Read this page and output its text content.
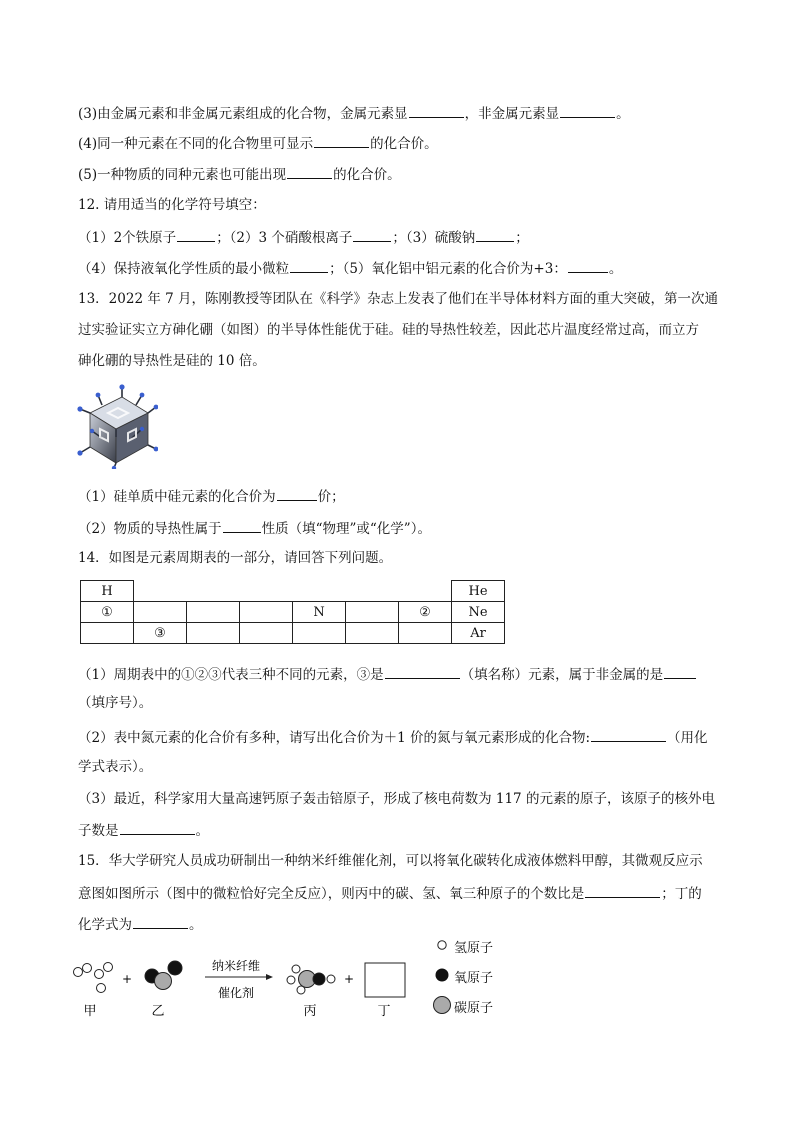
(3)由金属元素和非金属元素组成的化合物，金属元素显	，非金属元素显	。
(4)同一种元素在不同的化合物里可显示	的化合价。
(5)一种物质的同种元素也可能出现	的化合价。
12. 请用适当的化学符号填空：
（1）2个铁原子	；（2）3 个硝酸根离子	；（3）硫酸钠	；
（4）保持液氧化学性质的最小微粒	；（5）氧化铝中铝元素的化合价为+3：	。
13．2022 年 7 月，陈刚教授等团队在《科学》杂志上发表了他们在半导体材料方面的重大突破，第一次通
过实验证实立方砷化硼（如图）的半导体性能优于硅。硅的导热性较差，因此芯片温度经常过高，而立方
砷化硼的导热性是硅的 10 倍。
（1）硅单质中硅元素的化合价为	价；
（2）物质的导热性属于	性质（填“物理”或“化学”）。
14．如图是元素周期表的一部分，请回答下列问题。
H							He
①				N		②	Ne
	③						Ar
（1）周期表中的①②③代表三种不同的元素，③是	（填名称）元素，属于非金属的是
（填序号）。
（2）表中氮元素的化合价有多种，请写出化合价为＋1 价的氮与氧元素形成的化合物:	（用化
学式表示）。
（3）最近，科学家用大量高速钙原子轰击锫原子，形成了核电荷数为 117 的元素的原子，该原子的核外电
子数是	。
15．华大学研究人员成功研制出一种纳米纤维催化剂，可以将氧化碳转化成液体燃料甲醇，其微观反应示
意图如图所示（图中的微粒恰好完全反应），则丙中的碳、氢、氧三种原子的个数比是	；丁的
化学式为	。
甲
+
乙
纳米纤维
催化剂
丙
+
丁
氢原子
氧原子
碳原子
